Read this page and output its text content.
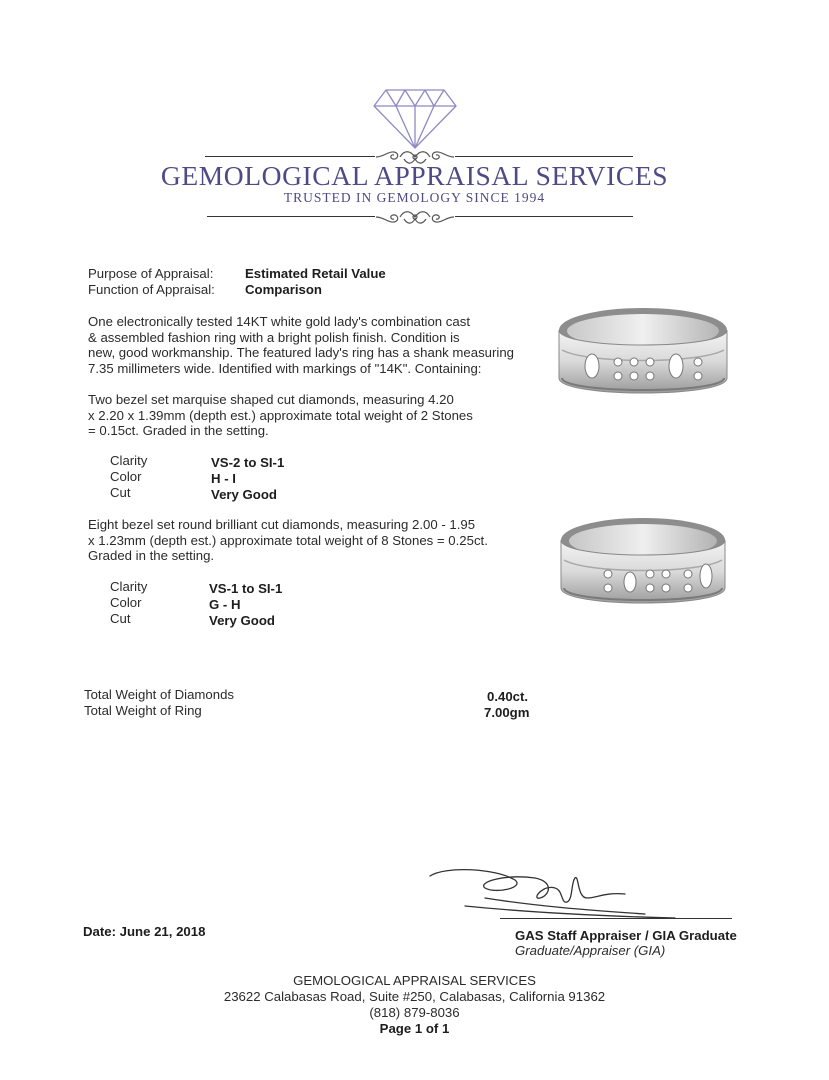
GEMOLOGICAL APPRAISAL SERVICES
TRUSTED IN GEMOLOGY SINCE 1994
Purpose of Appraisal: Estimated Retail Value
Function of Appraisal: Comparison
One electronically tested 14KT white gold lady's combination cast
& assembled fashion ring with a bright polish finish. Condition is
new, good workmanship. The featured lady's ring has a shank measuring
7.35 millimeters wide. Identified with markings of "14K". Containing:
Two bezel set marquise shaped cut diamonds, measuring 4.20
x 2.20 x 1.39mm (depth est.) approximate total weight of 2 Stones
= 0.15ct. Graded in the setting.
Clarity	VS-2 to SI-1
Color	H - I
Cut	Very Good
Eight bezel set round brilliant cut diamonds, measuring 2.00 - 1.95
x 1.23mm (depth est.) approximate total weight of 8 Stones = 0.25ct.
Graded in the setting.
Clarity	VS-1 to SI-1
Color	G - H
Cut	Very Good
Total Weight of Diamonds	0.40ct.
Total Weight of Ring	7.00gm
Date: June 21, 2018	GAS Staff Appraiser / GIA Graduate
Graduate/Appraiser (GIA)
GEMOLOGICAL APPRAISAL SERVICES
23622 Calabasas Road, Suite #250, Calabasas, California 91362
(818) 879-8036
Page 1 of 1
